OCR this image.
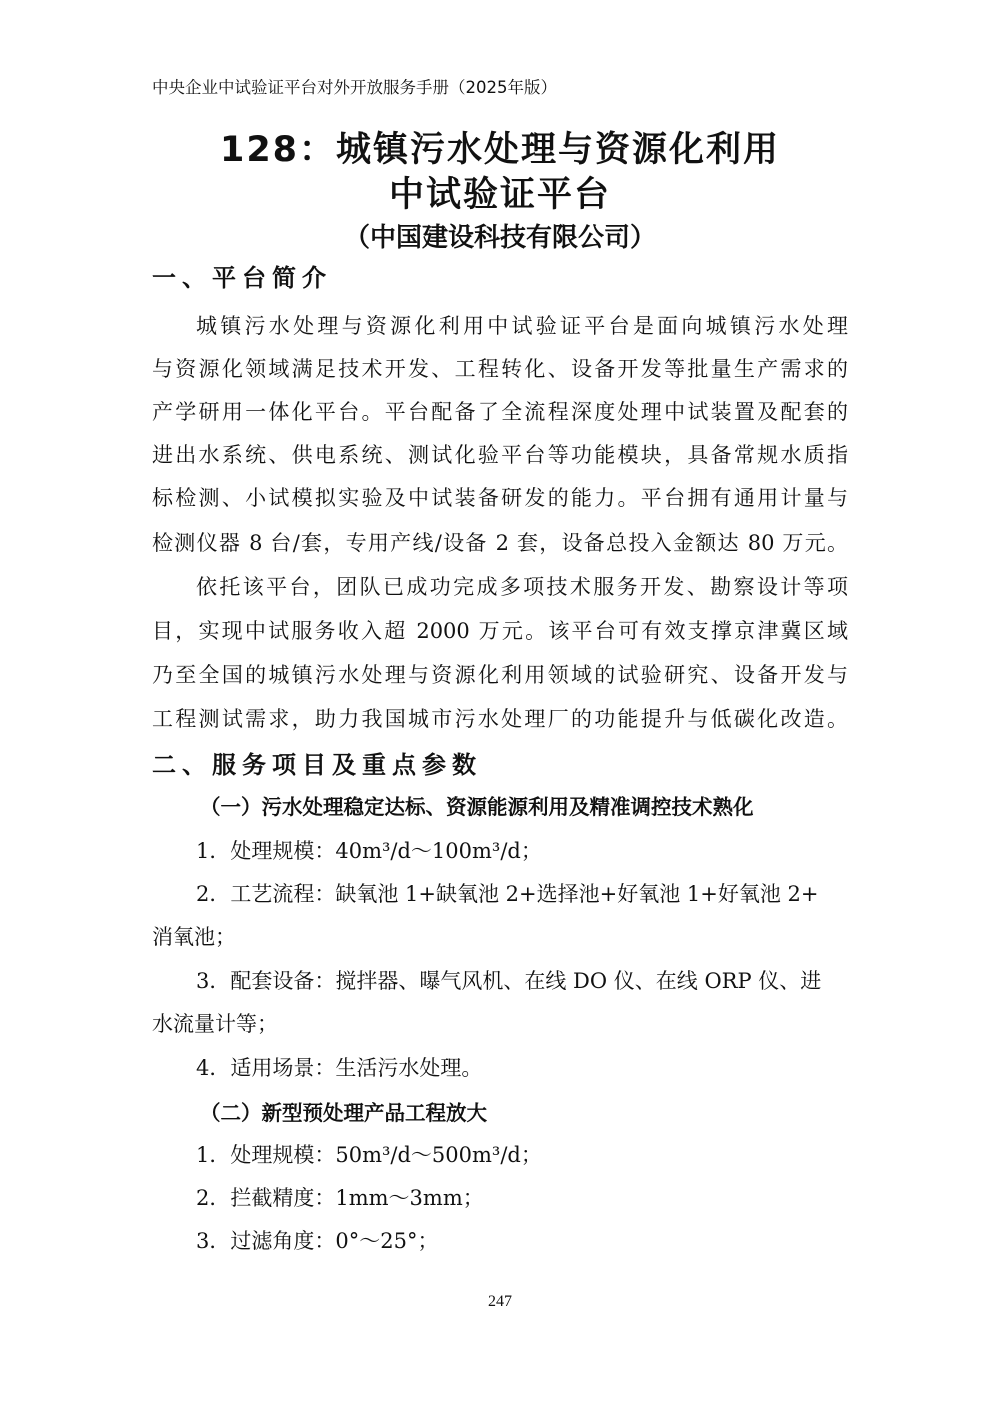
中央企业中试验证平台对外开放服务手册（2025年版）
128：城镇污水处理与资源化利用
中试验证平台
（中国建设科技有限公司）
一、平台简介
城镇污水处理与资源化利用中试验证平台是面向城镇污水处理
与资源化领域满足技术开发、工程转化、设备开发等批量生产需求的
产学研用一体化平台。平台配备了全流程深度处理中试装置及配套的
进出水系统、供电系统、测试化验平台等功能模块，具备常规水质指
标检测、小试模拟实验及中试装备研发的能力。平台拥有通用计量与
检测仪器 8 台/套，专用产线/设备 2 套，设备总投入金额达 80 万元。
依托该平台，团队已成功完成多项技术服务开发、勘察设计等项
目，实现中试服务收入超 2000 万元。该平台可有效支撑京津冀区域
乃至全国的城镇污水处理与资源化利用领域的试验研究、设备开发与
工程测试需求，助力我国城市污水处理厂的功能提升与低碳化改造。
二、服务项目及重点参数
（一）污水处理稳定达标、资源能源利用及精准调控技术熟化
1．处理规模：40m³/d～100m³/d；
2．工艺流程：缺氧池 1+缺氧池 2+选择池+好氧池 1+好氧池 2+
消氧池；
3．配套设备：搅拌器、曝气风机、在线 DO 仪、在线 ORP 仪、进
水流量计等；
4．适用场景：生活污水处理。
（二）新型预处理产品工程放大
1．处理规模：50m³/d～500m³/d；
2．拦截精度：1mm～3mm；
3．过滤角度：0°～25°；
247
